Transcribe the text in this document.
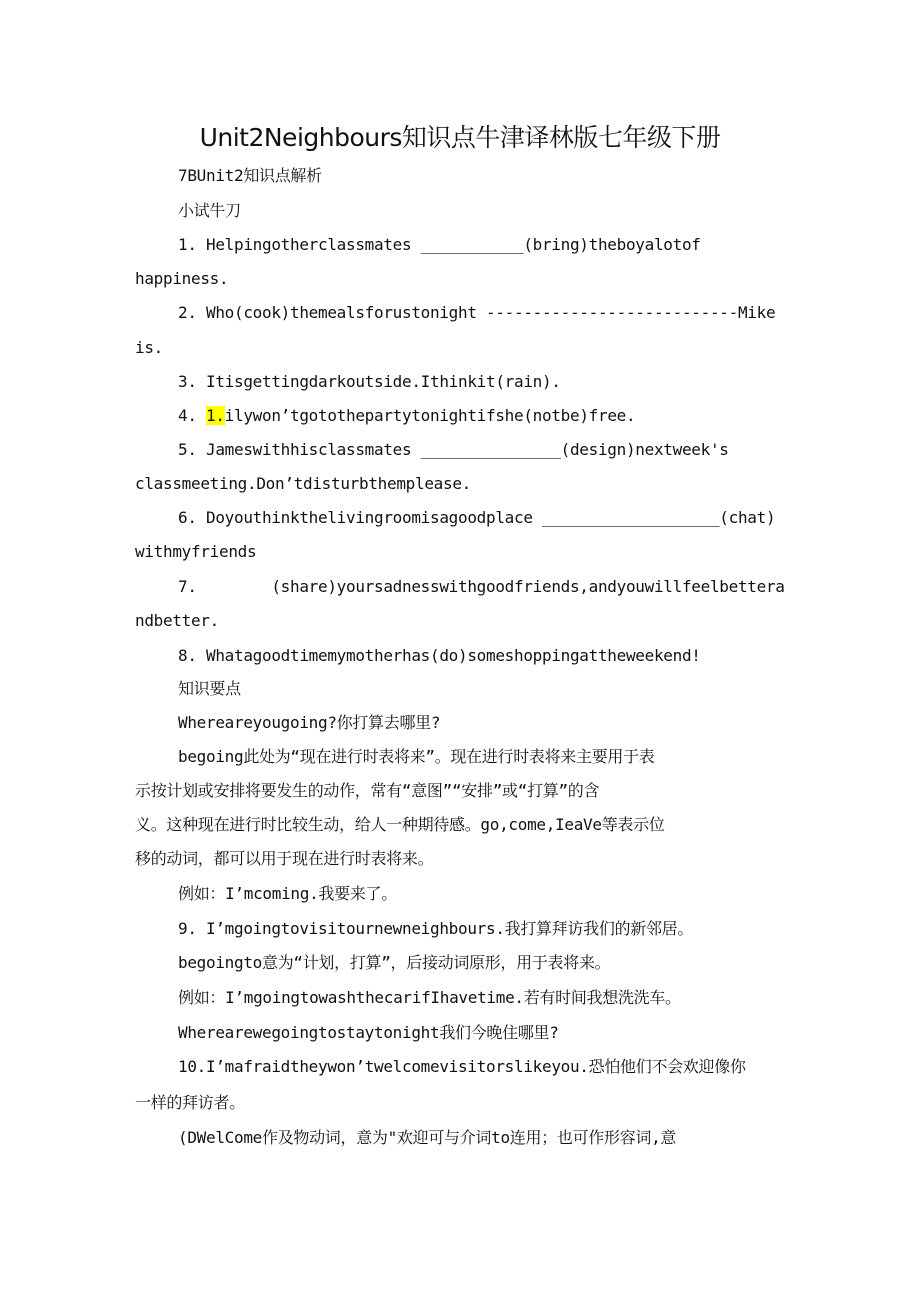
Unit2Neighbours知识点牛津译林版七年级下册
7BUnit2知识点解析
小试牛刀
1. Helpingotherclassmates ___________(bring)theboyalotof
happiness.
2. Who(cook)themealsforustonight ---------------------------Mike
is.
3. Itisgettingdarkoutside.Ithinkit(rain).
4. 1.ilywon’tgotothepartytonightifshe(notbe)free.
5. Jameswithhisclassmates _______________(design)nextweek's
classmeeting.Don’tdisturbthemplease.
6. Doyouthinkthelivingroomisagoodplace ___________________(chat)
withmyfriends
7.        (share)yoursadnesswithgoodfriends,andyouwillfeelbettera
ndbetter.
8. Whatagoodtimemymotherhas(do)someshoppingattheweekend!
知识要点
Whereareyougoing?你打算去哪里?
begoing此处为“现在进行时表将来”。现在进行时表将来主要用于表
示按计划或安排将要发生的动作，常有“意图”“安排”或“打算”的含
义。这种现在进行时比较生动，给人一种期待感。go,come,IeaVe等表示位
移的动词，都可以用于现在进行时表将来。
例如：I’mcoming.我要来了。
9. I’mgoingtovisitournewneighbours.我打算拜访我们的新邻居。
begoingto意为“计划，打算”，后接动词原形，用于表将来。
例如：I’mgoingtowashthecarifIhavetime.若有时间我想洗洗车。
Wherearewegoingtostaytonight我们今晚住哪里?
10.I’mafraidtheywon’twelcomevisitorslikeyou.恐怕他们不会欢迎像你
一样的拜访者。
(DWelCome作及物动词，意为"欢迎可与介词to连用；也可作形容词,意
